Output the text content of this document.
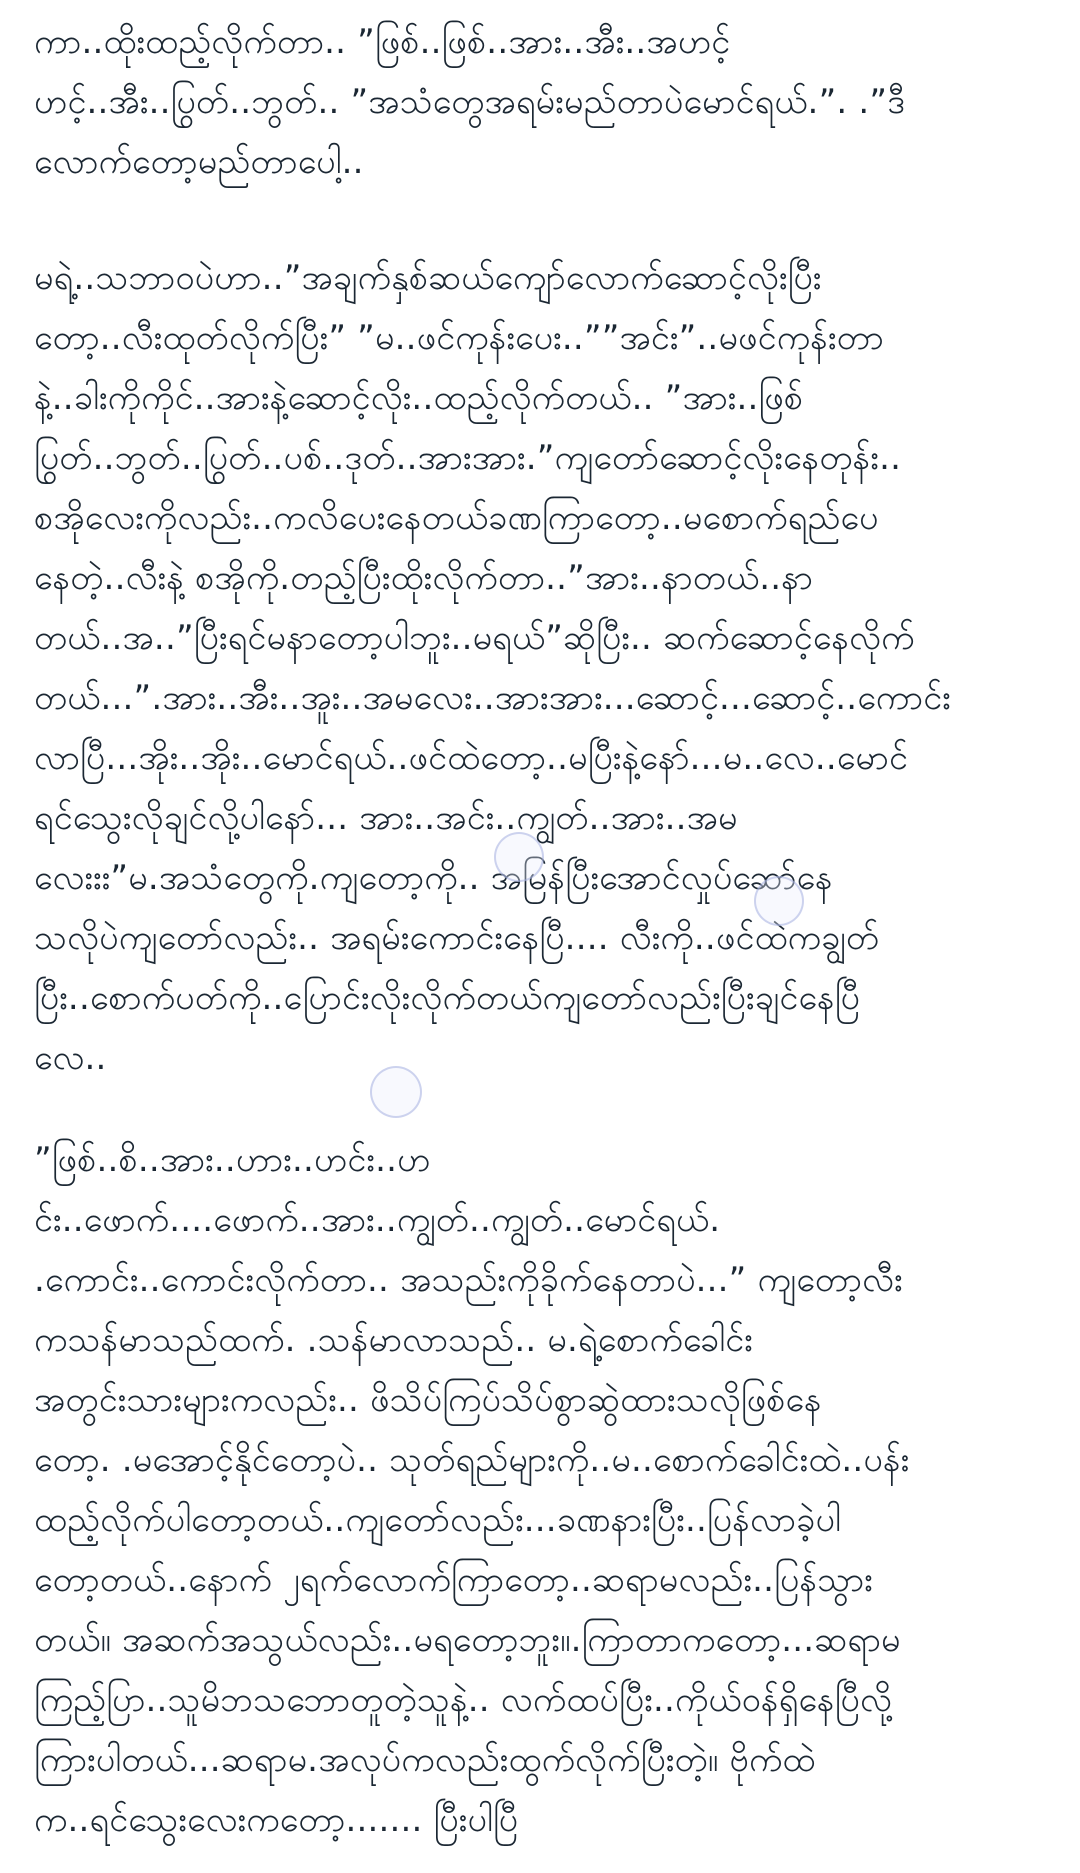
ကာ..ထိုးထည့်လိုက်တာ.. ”ဖြစ်..ဖြစ်..အား..အီး..အဟင့်
ဟင့်..အီး..ပြွတ်..ဘွတ်.. ”အသံတွေအရမ်းမည်တာပဲမောင်ရယ်.”. .”ဒီ
လောက်တော့မည်တာပေါ့..
မရဲ့..သဘာဝပဲဟာ..”အချက်နှစ်ဆယ်ကျော်လောက်ဆောင့်လိုးပြီး
တော့..လီးထုတ်လိုက်ပြီး” ”မ..ဖင်ကုန်းပေး..””အင်း”..မဖင်ကုန်းတာ
နဲ့..ခါးကိုကိုင်..အားနဲ့ဆောင့်လိုး..ထည့်လိုက်တယ်.. ”အား..ဖြစ်
ပြွတ်..ဘွတ်..ပြွတ်..ပစ်..ဒုတ်..အားအား.”ကျတော်ဆောင့်လိုးနေတုန်း..
စအိုလေးကိုလည်း..ကလိပေးနေတယ်ခဏကြာတော့..မစောက်ရည်ပေ
နေတဲ့..လီးနဲ့ စအိုကို.တည့်ပြီးထိုးလိုက်တာ..”အား..နာတယ်..နာ
တယ်..အ..”ပြီးရင်မနာတော့ပါဘူး..မရယ်”ဆိုပြီး.. ဆက်ဆောင့်နေလိုက်
တယ်...”.အား..အီး..အူး..အမလေး..အားအား...ဆောင့်...ဆောင့်..ကောင်း
လာပြီ...အိုး..အိုး..မောင်ရယ်..ဖင်ထဲတော့..မပြီးနဲ့နော်...မ..လေ..မောင်
ရင်သွေးလိုချင်လို့ပါနော်... အား..အင်း..ကျွတ်..အား..အမ
လေးးး”မ.အသံတွေကို.ကျတော့ကို.. အမြန်ပြီးအောင်လှုပ်ဆော်နေ
သလိုပဲကျတော်လည်း.. အရမ်းကောင်းနေပြီ.... လီးကို..ဖင်ထဲကချွတ်
ပြီး..စောက်ပတ်ကို..ပြောင်းလိုးလိုက်တယ်ကျတော်လည်းပြီးချင်နေပြီ
လေ..
”ဖြစ်..စိ..အား..ဟား..ဟင်း..ဟ
င်း..ဖောက်....ဖောက်..အား..ကျွတ်..ကျွတ်..မောင်ရယ်.
.ကောင်း..ကောင်းလိုက်တာ.. အသည်းကိုခိုက်နေတာပဲ...” ကျတော့လီး
ကသန်မာသည်ထက်. .သန်မာလာသည်.. မ.ရဲ့စောက်ခေါင်း
အတွင်းသားများကလည်း.. ဖိသိပ်ကြပ်သိပ်စွာဆွဲထားသလိုဖြစ်နေ
တော့. .မအောင့်နိုင်တော့ပဲ.. သုတ်ရည်များကို..မ..စောက်ခေါင်းထဲ..ပန်း
ထည့်လိုက်ပါတော့တယ်..ကျတော်လည်း...ခဏနားပြီး..ပြန်လာခဲ့ပါ
တော့တယ်..နောက် ၂ရက်လောက်ကြာတော့..ဆရာမလည်း..ပြန်သွား
တယ်။ အဆက်အသွယ်လည်း..မရတော့ဘူး။.ကြာတာကတော့...ဆရာမ
ကြည့်ပြာ..သူမိဘသဘောတူတဲ့သူနဲ့.. လက်ထပ်ပြီး..ကိုယ်ဝန်ရှိနေပြီလို့
ကြားပါတယ်...ဆရာမ.အလုပ်ကလည်းထွက်လိုက်ပြီးတဲ့။ ဗိုက်ထဲ
က..ရင်သွေးလေးကတော့....... ပြီးပါပြီ
